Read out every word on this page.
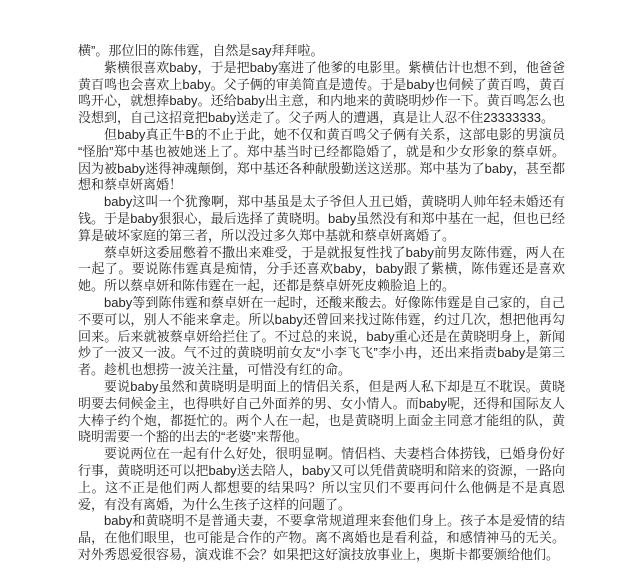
横”。那位旧的陈伟霆，自然是say拜拜啦。

紫横很喜欢baby，于是把baby塞进了他爹的电影里。紫横估计也想不到，他爸爸黄百鸣也会喜欢上baby。父子俩的审美简直是遗传。于是baby也伺候了黄百鸣，黄百鸣开心，就想捧baby。还给baby出主意，和内地来的黄晓明炒作一下。黄百鸣怎么也没想到，自己这招竟把baby送走了。父子两人的遭遇，真是让人忍不住23333333。

但baby真正牛B的不止于此，她不仅和黄百鸣父子俩有关系，这部电影的男演员“怪胎”郑中基也被她迷上了。郑中基当时已经都隐婚了，就是和少女形象的蔡卓妍。因为被baby迷得神魂颠倒，郑中基还各种献殷勤送这送那。郑中基为了baby，甚至都想和蔡卓妍离婚！

baby这叫一个犹豫啊，郑中基虽是太子爷但人丑已婚，黄晓明人帅年轻未婚还有钱。于是baby狠狠心，最后选择了黄晓明。baby虽然没有和郑中基在一起，但也已经算是破坏家庭的第三者，所以没过多久郑中基就和蔡卓妍离婚了。

蔡卓妍这委屈憋着不撒出来难受，于是就报复性找了baby前男友陈伟霆，两人在一起了。要说陈伟霆真是痴情，分手还喜欢baby，baby跟了紫横，陈伟霆还是喜欢她。所以蔡卓妍和陈伟霆在一起，还都是蔡卓妍死皮赖脸追上的。

baby等到陈伟霆和蔡卓妍在一起时，还酸来酸去。好像陈伟霆是自己家的，自己不要可以，别人不能来拿走。所以baby还曾回来找过陈伟霆，约过几次，想把他再勾回来。后来就被蔡卓妍给拦住了。不过总的来说，baby重心还是在黄晓明身上，新闻炒了一波又一波。气不过的黄晓明前女友“小李飞飞”李小冉，还出来指责baby是第三者。趁机也想捞一波关注量，可惜没有红的命。

要说baby虽然和黄晓明是明面上的情侣关系，但是两人私下却是互不耽误。黄晓明要去伺候金主，也得哄好自己外面养的男、女小情人。而baby呢，还得和国际友人大棒子约个炮，都挺忙的。两个人在一起，也是黄晓明上面金主同意才能组的队，黄晓明需要一个豁的出去的“老婆”来帮他。

要说两位在一起有什么好处，很明显啊。情侣档、夫妻档合体捞钱，已婚身份好行事，黄晓明还可以把baby送去陪人，baby又可以凭借黄晓明和陪来的资源，一路向上。这不正是他们两人都想要的结果吗？所以宝贝们不要再问什么他俩是不是真恩爱，有没有离婚，为什么生孩子这样的问题了。

baby和黄晓明不是普通夫妻，不要拿常规道理来套他们身上。孩子本是爱情的结晶，在他们眼里，也可能是合作的产物。离不离婚也是看利益，和感情神马的无关。对外秀恩爱很容易，演戏谁不会？如果把这好演技放事业上，奥斯卡都要颁给他们。
